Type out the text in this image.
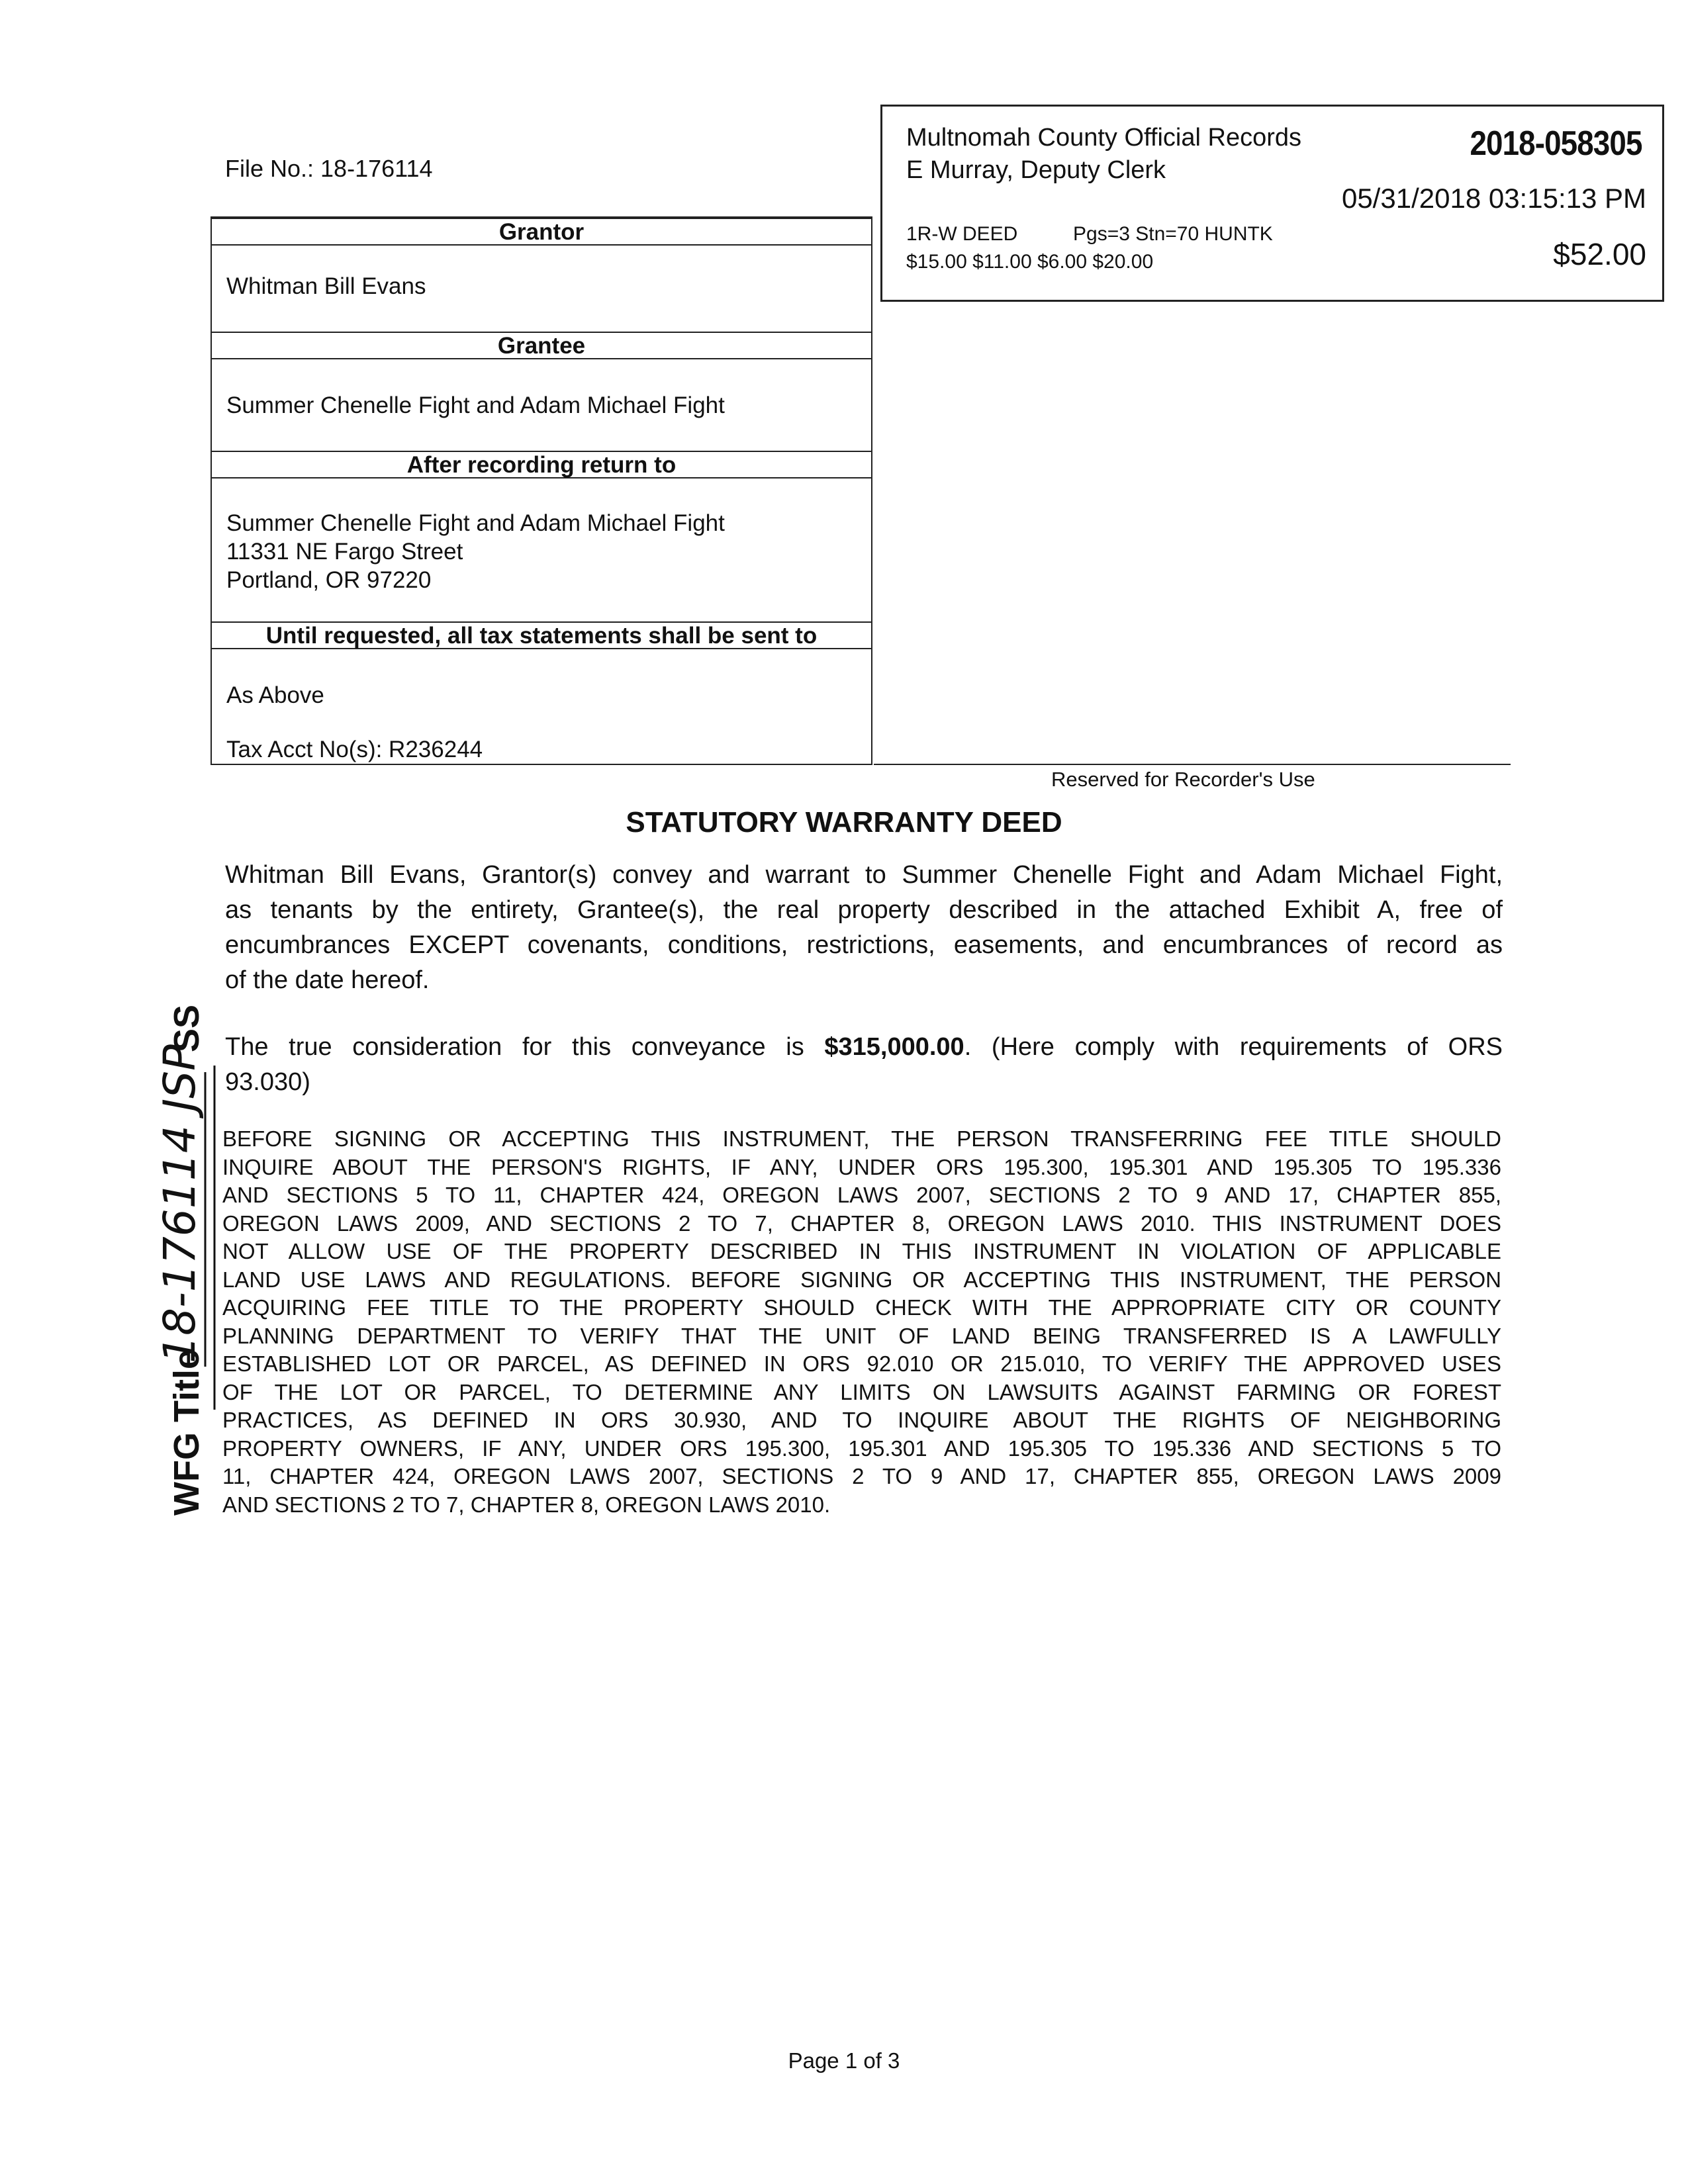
File No.: 18-176114
Grantor
Whitman Bill Evans
Grantee
Summer Chenelle Fight and Adam Michael Fight
After recording return to
Summer Chenelle Fight and Adam Michael Fight
11331 NE Fargo Street
Portland, OR 97220
Until requested, all tax statements shall be sent to
As Above
Tax Acct No(s): R236244
Multnomah County Official Records
E Murray, Deputy Clerk
2018-058305
05/31/2018 03:15:13 PM
1R-W DEED	Pgs=3 Stn=70 HUNTK
$15.00 $11.00 $6.00 $20.00	$52.00
Reserved for Recorder's Use
STATUTORY WARRANTY DEED
Whitman Bill Evans, Grantor(s) convey and warrant to Summer Chenelle Fight and Adam Michael Fight,
as tenants by the entirety, Grantee(s), the real property described in the attached Exhibit A, free of
encumbrances EXCEPT covenants, conditions, restrictions, easements, and encumbrances of record as
of the date hereof.
The true consideration for this conveyance is $315,000.00. (Here comply with requirements of ORS
93.030)
BEFORE SIGNING OR ACCEPTING THIS INSTRUMENT, THE PERSON TRANSFERRING FEE TITLE SHOULD
INQUIRE ABOUT THE PERSON'S RIGHTS, IF ANY, UNDER ORS 195.300, 195.301 AND 195.305 TO 195.336
AND SECTIONS 5 TO 11, CHAPTER 424, OREGON LAWS 2007, SECTIONS 2 TO 9 AND 17, CHAPTER 855,
OREGON LAWS 2009, AND SECTIONS 2 TO 7, CHAPTER 8, OREGON LAWS 2010. THIS INSTRUMENT DOES
NOT ALLOW USE OF THE PROPERTY DESCRIBED IN THIS INSTRUMENT IN VIOLATION OF APPLICABLE
LAND USE LAWS AND REGULATIONS. BEFORE SIGNING OR ACCEPTING THIS INSTRUMENT, THE PERSON
ACQUIRING FEE TITLE TO THE PROPERTY SHOULD CHECK WITH THE APPROPRIATE CITY OR COUNTY
PLANNING DEPARTMENT TO VERIFY THAT THE UNIT OF LAND BEING TRANSFERRED IS A LAWFULLY
ESTABLISHED LOT OR PARCEL, AS DEFINED IN ORS 92.010 OR 215.010, TO VERIFY THE APPROVED USES
OF THE LOT OR PARCEL, TO DETERMINE ANY LIMITS ON LAWSUITS AGAINST FARMING OR FOREST
PRACTICES, AS DEFINED IN ORS 30.930, AND TO INQUIRE ABOUT THE RIGHTS OF NEIGHBORING
PROPERTY OWNERS, IF ANY, UNDER ORS 195.300, 195.301 AND 195.305 TO 195.336 AND SECTIONS 5 TO
11, CHAPTER 424, OREGON LAWS 2007, SECTIONS 2 TO 9 AND 17, CHAPTER 855, OREGON LAWS 2009
AND SECTIONS 2 TO 7, CHAPTER 8, OREGON LAWS 2010.
WFG Title
18-176114 JSP
SS
Page 1 of 3
